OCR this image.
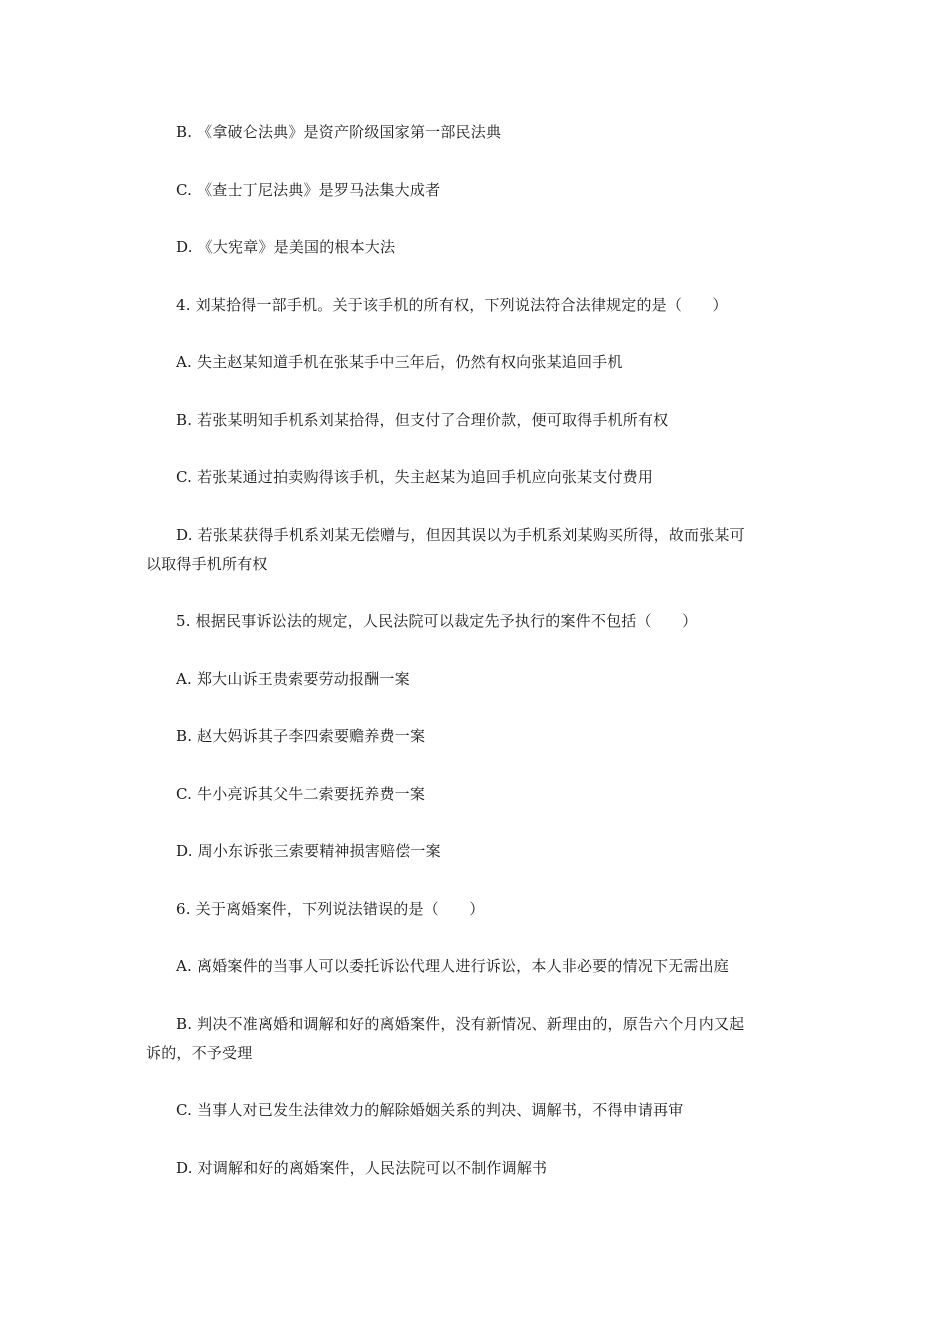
B. 《拿破仑法典》是资产阶级国家第一部民法典
C. 《查士丁尼法典》是罗马法集大成者
D. 《大宪章》是美国的根本大法
4. 刘某拾得一部手机。关于该手机的所有权，下列说法符合法律规定的是（　　）
A. 失主赵某知道手机在张某手中三年后，仍然有权向张某追回手机
B. 若张某明知手机系刘某拾得，但支付了合理价款，便可取得手机所有权
C. 若张某通过拍卖购得该手机，失主赵某为追回手机应向张某支付费用
D. 若张某获得手机系刘某无偿赠与，但因其误以为手机系刘某购买所得，故而张某可
以取得手机所有权
5. 根据民事诉讼法的规定，人民法院可以裁定先予执行的案件不包括（　　）
A. 郑大山诉王贵索要劳动报酬一案
B. 赵大妈诉其子李四索要赡养费一案
C. 牛小亮诉其父牛二索要抚养费一案
D. 周小东诉张三索要精神损害赔偿一案
6. 关于离婚案件，下列说法错误的是（　　）
A. 离婚案件的当事人可以委托诉讼代理人进行诉讼，本人非必要的情况下无需出庭
B. 判决不准离婚和调解和好的离婚案件，没有新情况、新理由的，原告六个月内又起
诉的，不予受理
C. 当事人对已发生法律效力的解除婚姻关系的判决、调解书，不得申请再审
D. 对调解和好的离婚案件，人民法院可以不制作调解书
